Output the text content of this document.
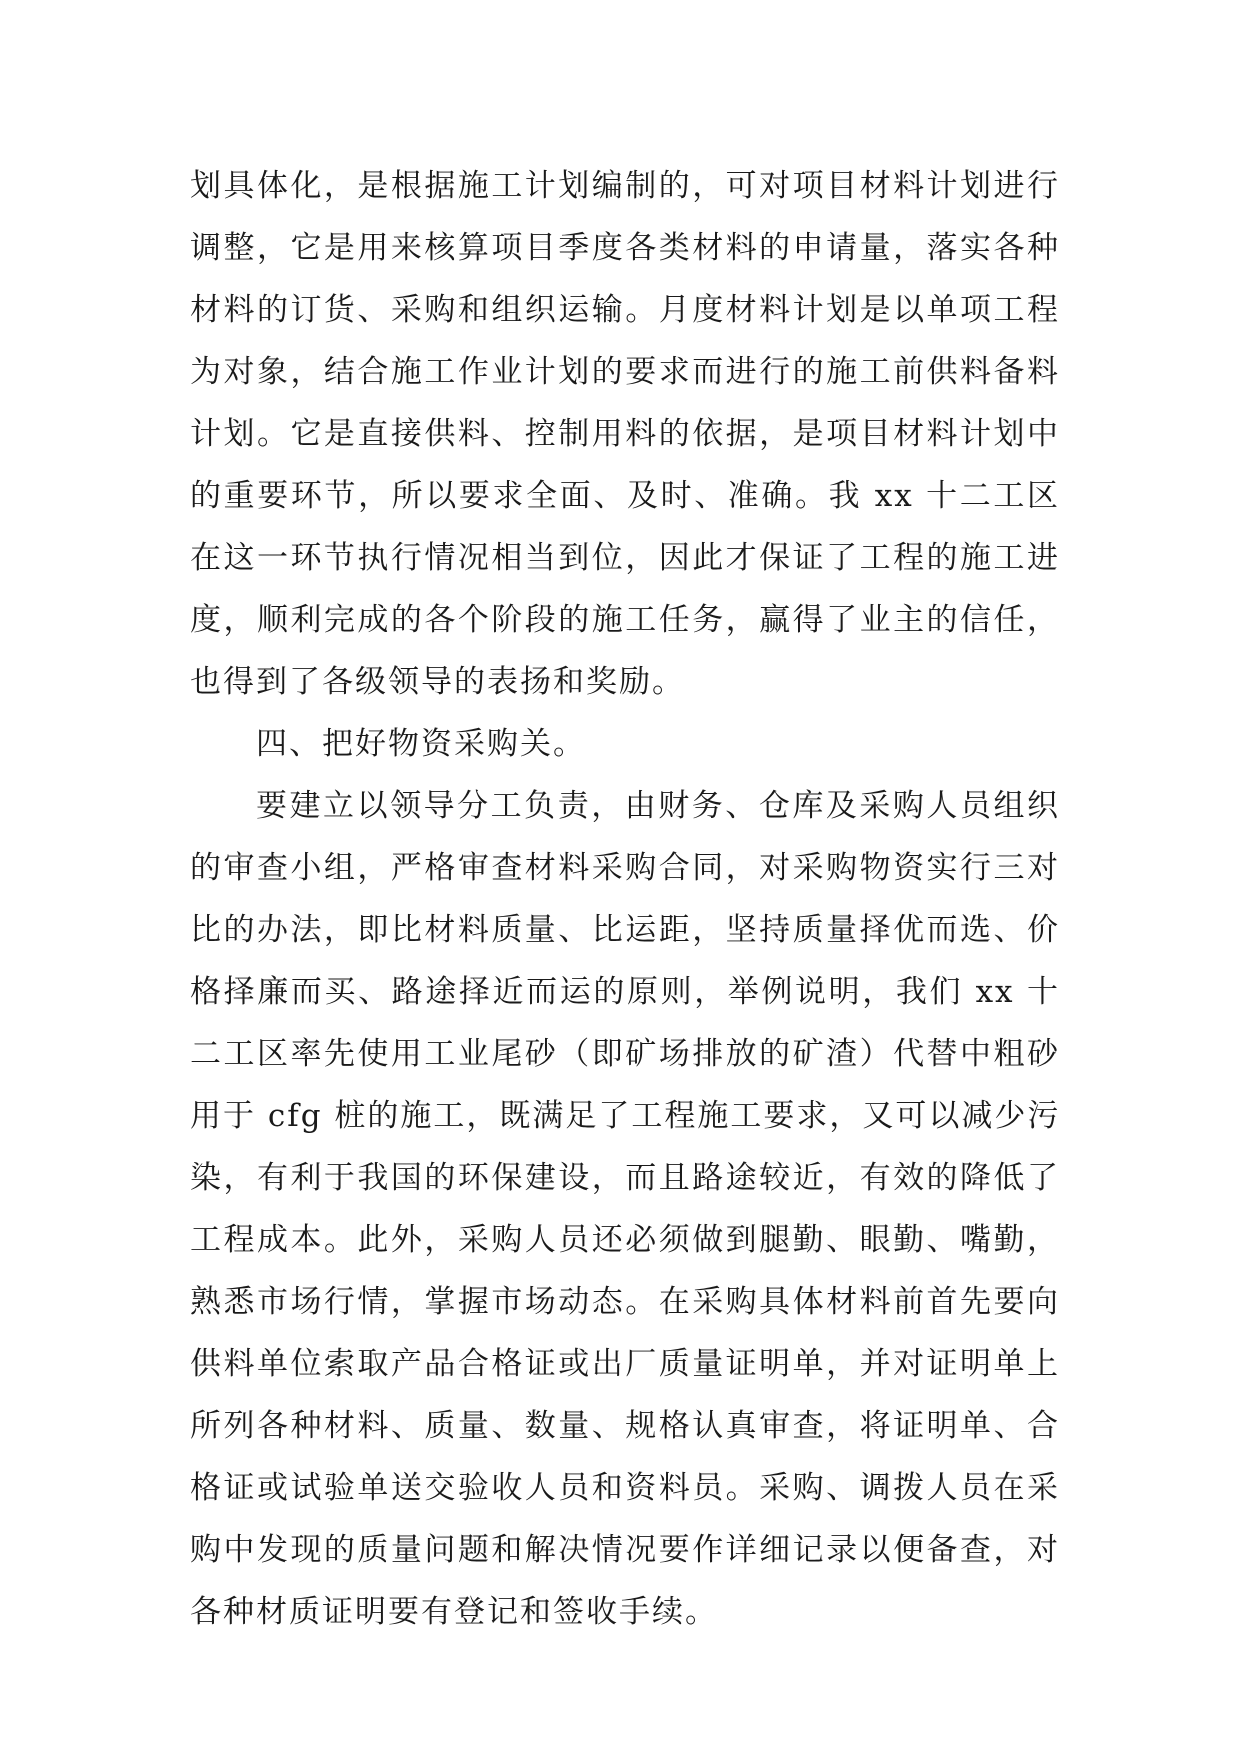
划具体化，是根据施工计划编制的，可对项目材料计划进行
调整，它是用来核算项目季度各类材料的申请量，落实各种
材料的订货、采购和组织运输。月度材料计划是以单项工程
为对象，结合施工作业计划的要求而进行的施工前供料备料
计划。它是直接供料、控制用料的依据，是项目材料计划中
的重要环节，所以要求全面、及时、准确。我 xx 十二工区
在这一环节执行情况相当到位，因此才保证了工程的施工进
度，顺利完成的各个阶段的施工任务，赢得了业主的信任，
也得到了各级领导的表扬和奖励。
四、把好物资采购关。
要建立以领导分工负责，由财务、仓库及采购人员组织
的审查小组，严格审查材料采购合同，对采购物资实行三对
比的办法，即比材料质量、比运距，坚持质量择优而选、价
格择廉而买、路途择近而运的原则，举例说明，我们 xx 十
二工区率先使用工业尾砂（即矿场排放的矿渣）代替中粗砂
用于 cfg 桩的施工，既满足了工程施工要求，又可以减少污
染，有利于我国的环保建设，而且路途较近，有效的降低了
工程成本。此外，采购人员还必须做到腿勤、眼勤、嘴勤，
熟悉市场行情，掌握市场动态。在采购具体材料前首先要向
供料单位索取产品合格证或出厂质量证明单，并对证明单上
所列各种材料、质量、数量、规格认真审查，将证明单、合
格证或试验单送交验收人员和资料员。采购、调拨人员在采
购中发现的质量问题和解决情况要作详细记录以便备查，对
各种材质证明要有登记和签收手续。
